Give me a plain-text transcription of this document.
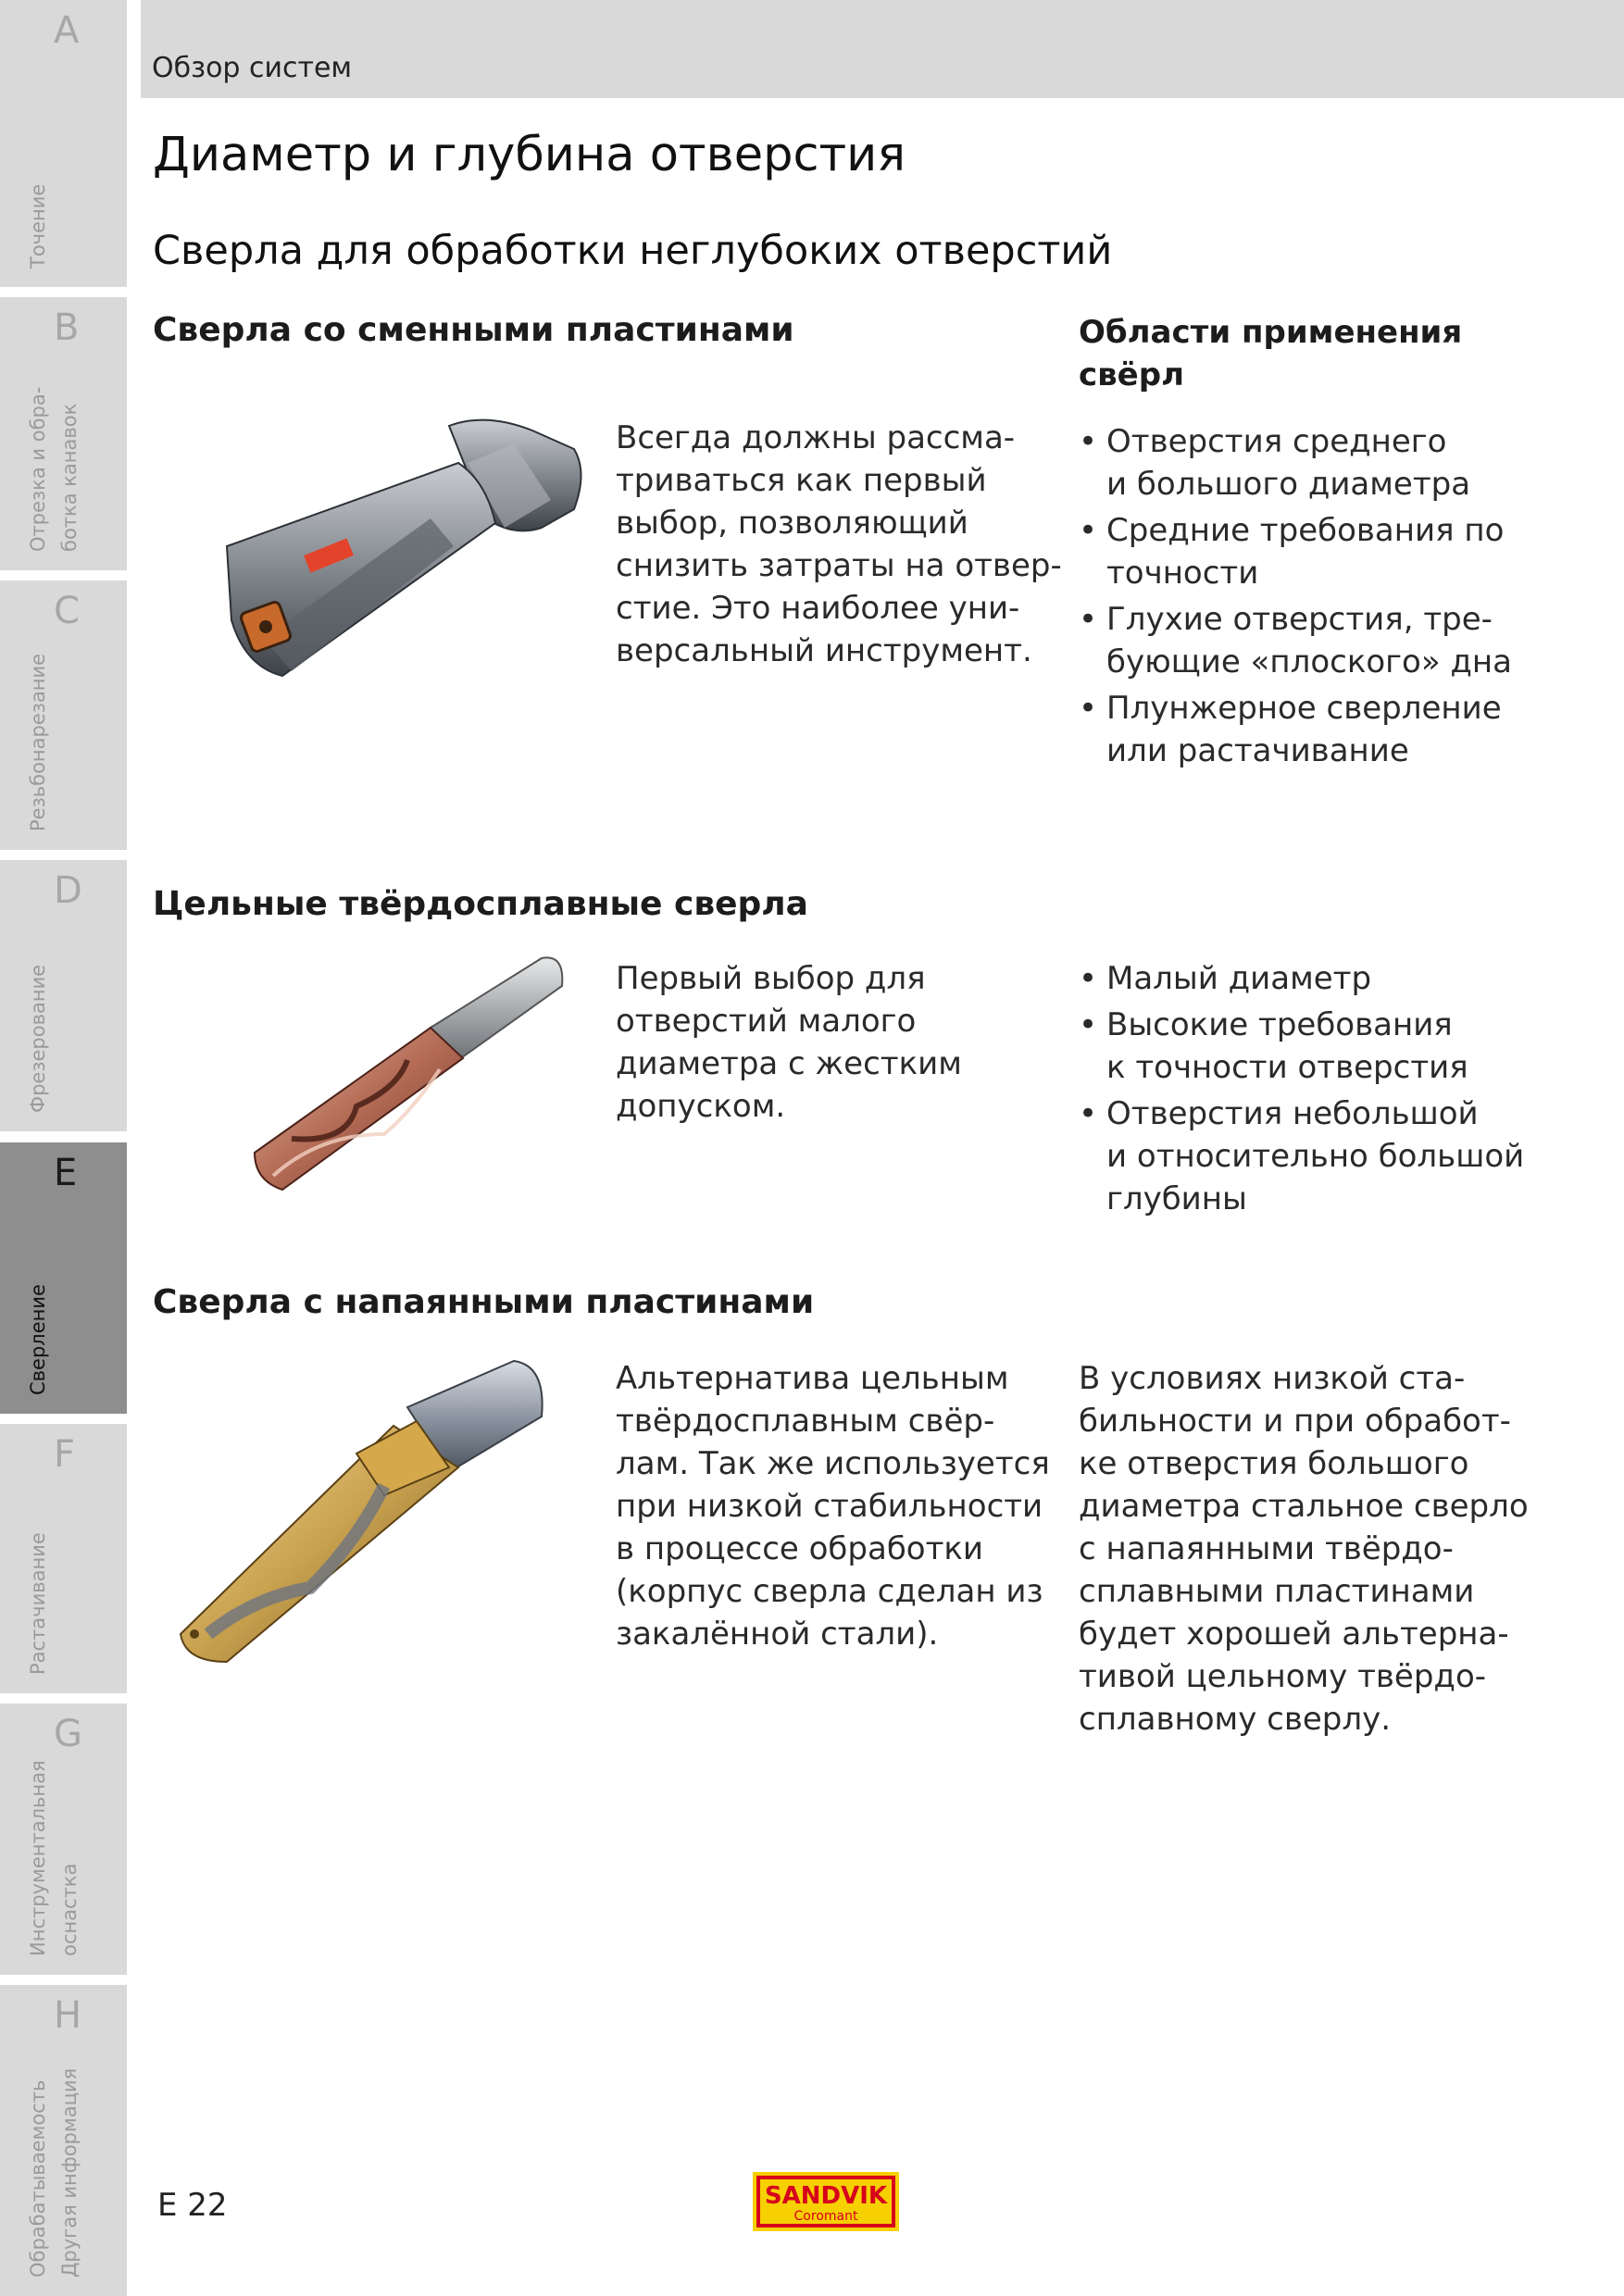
A
Точение
B
Отрезка и обра- ботка канавок
C
Резьбонарезание
D
Фрезерование
E
Сверление
F
Растачивание
G
Инструментальная оснастка
H
Обрабатываемость Другая информация
Обзор систем
Диаметр и глубина отверстия
Сверла для обработки неглубоких отверстий
Сверла со сменными пластинами

Всегда должны рассма-
триваться как первый
выбор, позволяющий
снизить затраты на отвер-
стие. Это наиболее уни-
версальный инструмент.

Области применения
свёрл

• Отверстия среднего
и большого диаметра
• Средние требования по
точности
• Глухие отверстия, тре-
бующие «плоского» дна
• Плунжерное сверление
или растачивание
Цельные твёрдосплавные сверла

Первый выбор для
отверстий малого
диаметра с жестким
допуском.

• Малый диаметр
• Высокие требования
к точности отверстия
• Отверстия небольшой
и относительно большой
глубины
Сверла с напаянными пластинами

Альтернатива цельным
твёрдосплавным свёр-
лам. Так же используется
при низкой стабильности
в процессе обработки
(корпус сверла сделан из
закалённой стали).

В условиях низкой ста-
бильности и при обработ-
ке отверстия большого
диаметра стальное сверло
с напаянными твёрдо-
сплавными пластинами
будет хорошей альтерна-
тивой цельному твёрдо-
сплавному сверлу.

E 22	SANDVIK
Coromant
